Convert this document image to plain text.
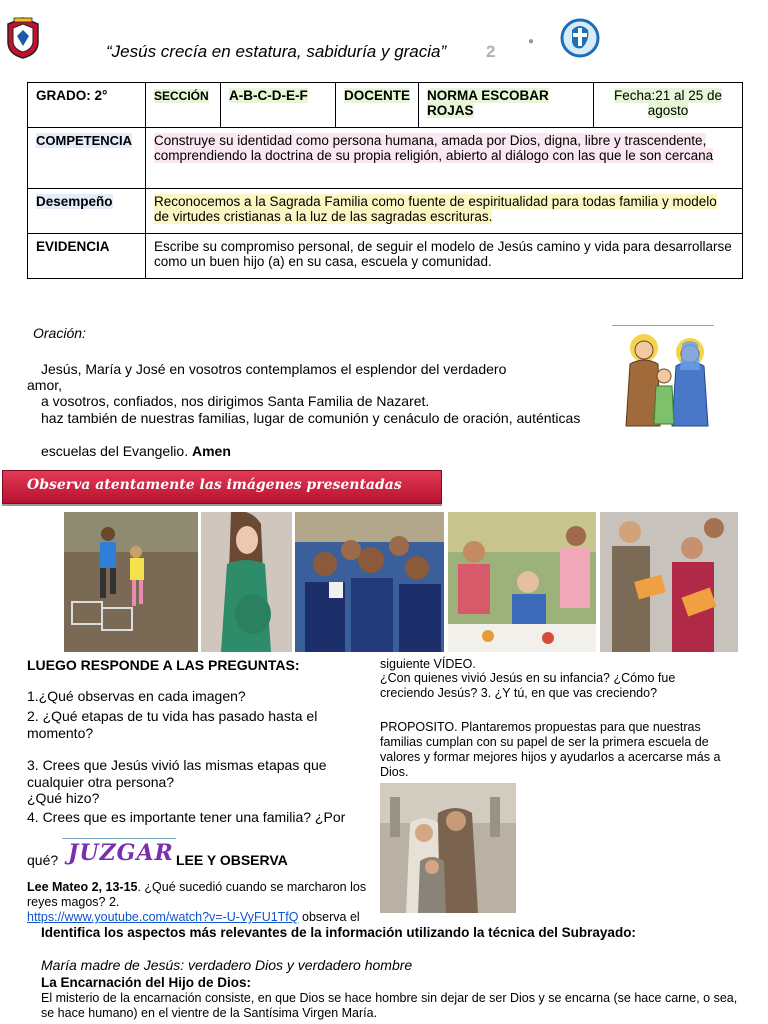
“Jesús crecía en estatura, sabiduría y gracia” 2
●
GRADO: 2°	SECCIÓN	A-B-C-D-E-F	DOCENTE	NORMA ESCOBAR ROJAS	Fecha:21 al 25 de agosto
COMPETENCIA	Construye su identidad como persona humana, amada por Dios, digna, libre y trascendente, comprendiendo la doctrina de su propia religión, abierto al diálogo con las que le son cercana				
Desempeño	Reconocemos a la Sagrada Familia como fuente de espiritualidad para todas familia y modelo de virtudes cristianas a la luz de las sagradas escrituras.				
EVIDENCIA	Escribe su compromiso personal, de seguir el modelo de Jesús camino y vida para desarrollarse como un buen hijo (a) en su casa, escuela y comunidad.				
Oración:
Jesús, María y José en vosotros contemplamos el esplendor del verdadero
amor,
a vosotros, confiados, nos dirigimos Santa Familia de Nazaret.
haz también de nuestras familias, lugar de comunión y cenáculo de oración, auténticas
escuelas del Evangelio. Amen
Observa atentamente las imágenes presentadas
LUEGO RESPONDE A LAS PREGUNTAS:
1.¿Qué observas en cada imagen?
2. ¿Qué etapas de tu vida has pasado hasta el momento?
3. Crees que Jesús vivió las mismas etapas que cualquier otra persona?
¿Qué hizo?
4. Crees que es importante tener una familia? ¿Por
qué? JUZGAR LEE Y OBSERVA
Lee Mateo 2, 13-15. ¿Qué sucedió cuando se marcharon los reyes magos? 2.
https://www.youtube.com/watch?v=-U-VyFU1TfQ observa el
siguiente VÍDEO.
¿Con quienes vivió Jesús en su infancia? ¿Cómo fue creciendo Jesús? 3. ¿Y tú, en que vas creciendo?
PROPOSITO. Plantaremos propuestas para que nuestras familias cumplan con su papel de ser la primera escuela de valores y formar mejores hijos y ayudarlos a acercarse más a Dios.
Identifica los aspectos más relevantes de la información utilizando la técnica del Subrayado:
María madre de Jesús: verdadero Dios y verdadero hombre
La Encarnación del Hijo de Dios:
El misterio de la encarnación consiste, en que Dios se hace hombre sin dejar de ser Dios y se encarna (se hace carne, o sea, se hace humano) en el vientre de la Santísima Virgen María.
